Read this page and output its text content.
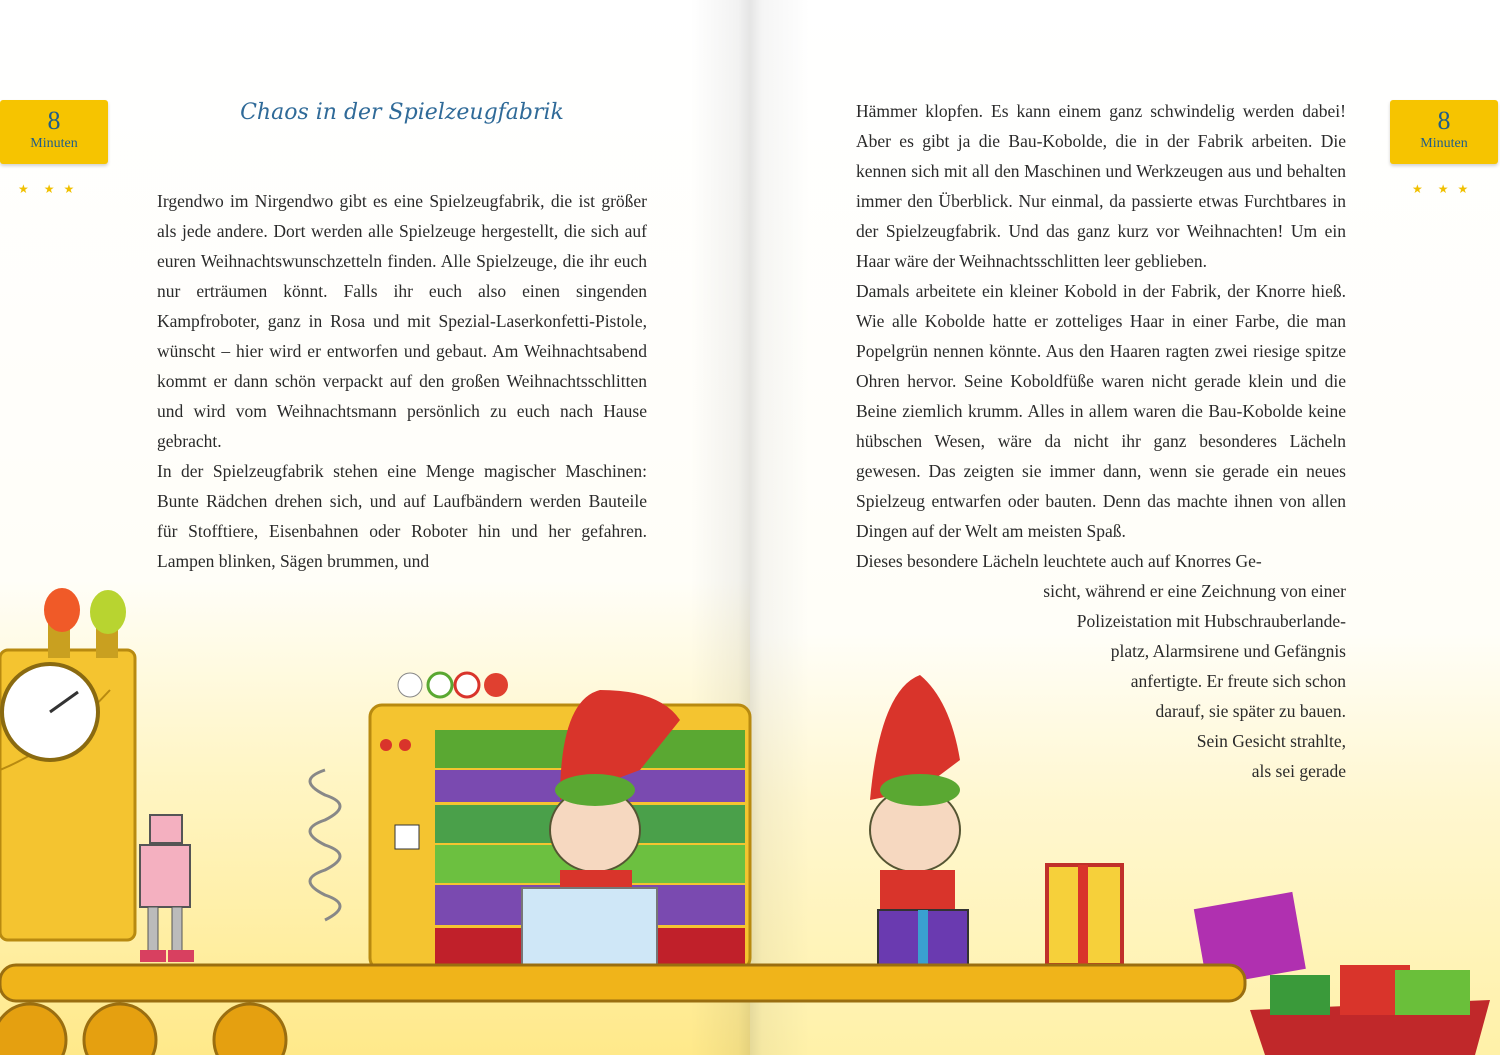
8
Minuten
★     ★   ★
Chaos in der Spielzeugfabrik

Irgendwo im Nirgendwo gibt es eine Spielzeugfabrik, die ist größer als jede andere. Dort werden alle Spielzeuge hergestellt, die sich auf euren Weihnachtswunschzetteln finden. Alle Spielzeuge, die ihr euch nur erträumen könnt. Falls ihr euch also einen singenden Kampfroboter, ganz in Rosa und mit Spezial-Laserkonfetti-Pistole, wünscht – hier wird er entworfen und gebaut. Am Weihnachtsabend kommt er dann schön verpackt auf den großen Weihnachtsschlitten und wird vom Weihnachtsmann persönlich zu euch nach Hause gebracht.

In der Spielzeugfabrik stehen eine Menge magischer Maschinen: Bunte Rädchen drehen sich, und auf Laufbändern werden Bauteile für Stofftiere, Eisenbahnen oder Roboter hin und her gefahren. Lampen blinken, Sägen brummen, und

8
Minuten
★     ★   ★

Hämmer klopfen. Es kann einem ganz schwindelig werden dabei! Aber es gibt ja die Bau-Kobolde, die in der Fabrik arbeiten. Die kennen sich mit all den Maschinen und Werkzeugen aus und behalten immer den Überblick. Nur einmal, da passierte etwas Furchtbares in der Spielzeugfabrik. Und das ganz kurz vor Weihnachten! Um ein Haar wäre der Weihnachtsschlitten leer geblieben.

Damals arbeitete ein kleiner Kobold in der Fabrik, der Knorre hieß. Wie alle Kobolde hatte er zotteliges Haar in einer Farbe, die man Popelgrün nennen könnte. Aus den Haaren ragten zwei riesige spitze Ohren hervor. Seine Koboldfüße waren nicht gerade klein und die Beine ziemlich krumm. Alles in allem waren die Bau-Kobolde keine hübschen Wesen, wäre da nicht ihr ganz besonderes Lächeln gewesen. Das zeigten sie immer dann, wenn sie gerade ein neues Spielzeug entwarfen oder bauten. Denn das machte ihnen von allen Dingen auf der Welt am meisten Spaß.

Dieses besondere Lächeln leuchtete auch auf Knorres Ge-

sicht, während er eine Zeichnung von einer
Polizeistation mit Hubschrauberlande-
platz, Alarmsirene und Gefängnis
anfertigte. Er freute sich schon
darauf, sie später zu bauen.
Sein Gesicht strahlte,
als sei gerade
